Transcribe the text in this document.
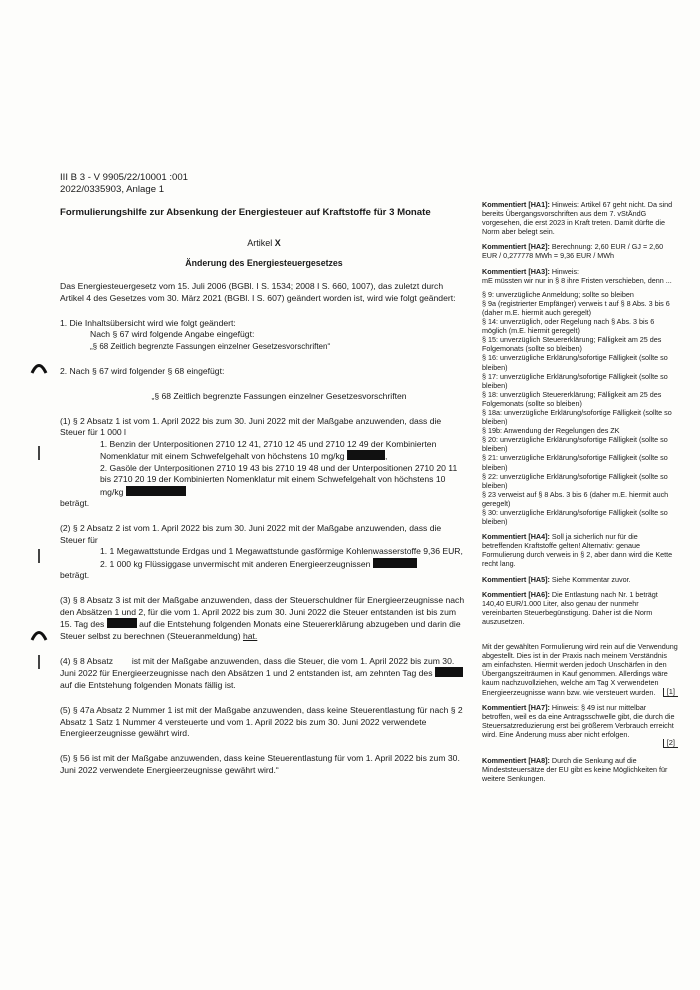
III B 3 - V 9905/22/10001 :001
2022/0335903, Anlage 1
Formulierungshilfe zur Absenkung der Energiesteuer auf Kraftstoffe für 3 Monate
Artikel X
Änderung des Energiesteuergesetzes
Das Energiesteuergesetz vom 15. Juli 2006 (BGBl. I S. 1534; 2008 I S. 660, 1007), das zuletzt durch Artikel 4 des Gesetzes vom 30. März 2021 (BGBl. I S. 607) geändert worden ist, wird wie folgt geändert:
1. Die Inhaltsübersicht wird wie folgt geändert:
Nach § 67 wird folgende Angabe eingefügt:
„§ 68 Zeitlich begrenzte Fassungen einzelner Gesetzesvorschriften“
2. Nach § 67 wird folgender § 68 eingefügt:
„§ 68 Zeitlich begrenzte Fassungen einzelner Gesetzesvorschriften
(1) § 2 Absatz 1 ist vom 1. April 2022 bis zum 30. Juni 2022 mit der Maßgabe anzuwenden, dass die Steuer für 1 000 l
1. Benzin der Unterpositionen 2710 12 41, 2710 12 45 und 2710 12 49 der Kombinierten Nomenklatur mit einem Schwefelgehalt von höchstens 10 mg/kg	,
2. Gasöle der Unterpositionen 2710 19 43 bis 2710 19 48 und der Unterpositionen 2710 20 11 bis 2710 20 19 der Kombinierten Nomenklatur mit einem Schwefelgehalt von höchstens 10 mg/kg
beträgt.
(2) § 2 Absatz 2 ist vom 1. April 2022 bis zum 30. Juni 2022 mit der Maßgabe anzuwenden, dass die Steuer für
1. 1 Megawattstunde Erdgas und 1 Megawattstunde gasförmige Kohlenwasserstoffe 9,36 EUR,
2. 1 000 kg Flüssiggase unvermischt mit anderen Energieerzeugnissen
beträgt.
(3) § 8 Absatz 3 ist mit der Maßgabe anzuwenden, dass der Steuerschuldner für Energieerzeugnisse nach den Absätzen 1 und 2, für die vom 1. April 2022 bis zum 30. Juni 2022 die Steuer entstanden ist bis zum 15. Tag des	auf die Entstehung folgenden Monats eine Steuererklärung abzugeben und darin die Steuer selbst zu berechnen (Steueranmeldung) hat.
(4) § 8 Absatz ist mit der Maßgabe anzuwenden, dass die Steuer, die vom 1. April 2022 bis zum 30. Juni 2022 für Energieerzeugnisse nach den Absätzen 1 und 2 entstanden ist, am zehnten Tag des  auf die Entstehung folgenden Monats fällig ist.
(5) § 47a Absatz 2 Nummer 1 ist mit der Maßgabe anzuwenden, dass keine Steuerentlastung für nach § 2 Absatz 1 Satz 1 Nummer 4 versteuerte und vom 1. April 2022 bis zum 30. Juni 2022 verwendete Energieerzeugnisse gewährt wird.
(5) § 56 ist mit der Maßgabe anzuwenden, dass keine Steuerentlastung für vom 1. April 2022 bis zum 30. Juni 2022 verwendete Energieerzeugnisse gewährt wird.“
Kommentiert [HA1]: Hinweis: Artikel 67 geht nicht. Da sind bereits Übergangsvorschriften aus dem 7. vStÄndG vorgesehen, die erst 2023 in Kraft treten. Damit dürfte die Norm aber belegt sein.
Kommentiert [HA2]: Berechnung: 2,60 EUR / GJ = 2,60 EUR / 0,277778 MWh = 9,36 EUR / MWh
Kommentiert [HA3]: Hinweis:
mE müssten wir nur in § 8 ihre Fristen verschieben, denn ...
§ 9: unverzügliche Anmeldung; sollte so bleiben
§ 9a (registrierter Empfänger) verweis t auf § 8 Abs. 3 bis 6 (daher m.E. hiermit auch geregelt)
§ 14: unverzüglich, oder Regelung nach § Abs. 3 bis 6 möglich (m.E. hiermit geregelt)
§ 15: unverzüglich Steuererklärung; Fälligkeit am 25 des Folgemonats (sollte so bleiben)
§ 16: unverzügliche Erklärung/sofortige Fälligkeit (sollte so bleiben)
§ 17: unverzügliche Erklärung/sofortige Fälligkeit (sollte so bleiben)
§ 18: unverzüglich Steuererklärung; Fälligkeit am 25 des Folgemonats (sollte so bleiben)
§ 18a: unverzügliche Erklärung/sofortige Fälligkeit (sollte so bleiben)
§ 19b: Anwendung der Regelungen des ZK
§ 20: unverzügliche Erklärung/sofortige Fälligkeit (sollte so bleiben)
§ 21: unverzügliche Erklärung/sofortige Fälligkeit (sollte so bleiben)
§ 22: unverzügliche Erklärung/sofortige Fälligkeit (sollte so bleiben)
§ 23 verweist auf § 8 Abs. 3 bis 6 (daher m.E. hiermit auch geregelt)
§ 30: unverzügliche Erklärung/sofortige Fälligkeit (sollte so bleiben)
Kommentiert [HA4]: Soll ja sicherlich nur für die betreffenden Kraftstoffe gelten! Alternativ: genaue Formulierung durch verweis in § 2, aber dann wird die Kette recht lang.
Kommentiert [HA5]: Siehe Kommentar zuvor.
Kommentiert [HA6]: Die Entlastung nach Nr. 1 beträgt 140,40 EUR/1.000 Liter, also genau der nunmehr vereinbarten Steuerbegünstigung. Daher ist die Norm auszusetzen.
Mit der gewählten Formulierung wird rein auf die Verwendung abgestellt. Dies ist in der Praxis nach meinem Verständnis am einfachsten. Hiermit werden jedoch Unschärfen in den Übergangszeiträumen in Kauf genommen. Allerdings wäre kaum nachzuvollziehen, welche am Tag X verwendeten Energieerzeugnisse wann bzw. wie versteuert wurden.	[1]
Kommentiert [HA7]: Hinweis: § 49 ist nur mittelbar betroffen, weil es da eine Antragsschwelle gibt, die durch die Steuersatzreduzierung erst bei größerem Verbrauch erreicht wird. Eine Änderung muss aber nicht erfolgen.
[2]
Kommentiert [HA8]: Durch die Senkung auf die Mindeststeuersätze der EU gibt es keine Möglichkeiten für weitere Senkungen.
